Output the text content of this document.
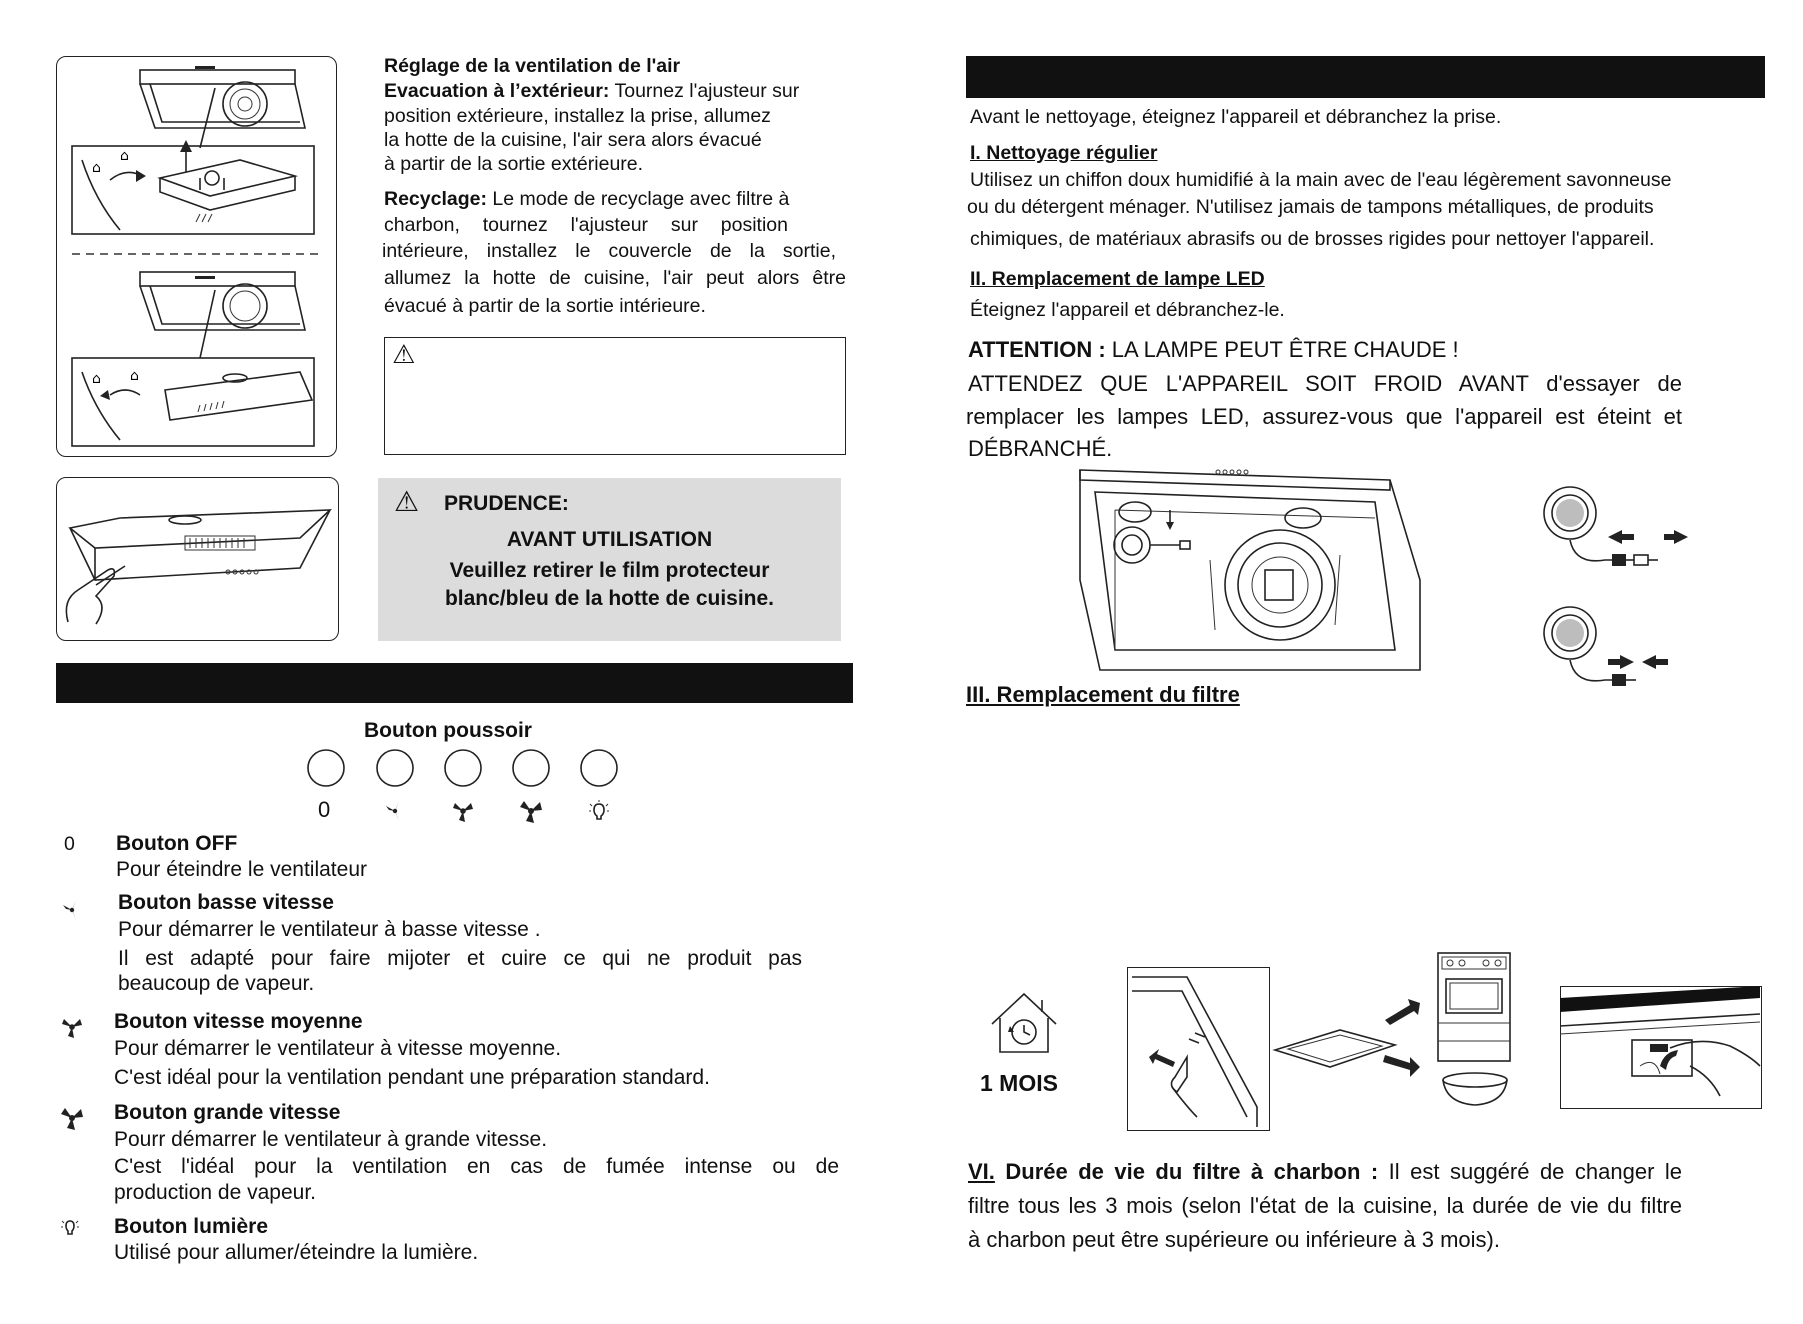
⌂
⌂
⌂ ⌂
Réglage de la ventilation de l'air
Evacuation à l’extérieur: Tournez l'ajusteur sur
position extérieure, installez la prise, allumez
la hotte de la cuisine, l'air sera alors évacué
à partir de la sortie extérieure.
Recyclage: Le mode de recyclage avec filtre à
charbon, tournez l'ajusteur sur position
intérieure, installez le couvercle de la sortie,
allumez la hotte de cuisine, l'air peut alors être
évacué à partir de la sortie intérieure.
⚠
⚠ PRUDENCE:
AVANT UTILISATION
Veuillez retirer le film protecteur
blanc/bleu de la hotte de cuisine.
Bouton poussoir
0
0 Bouton OFF
Pour éteindre le ventilateur
Bouton basse vitesse
Pour démarrer le ventilateur à basse vitesse .
Il est adapté pour faire mijoter et cuire ce qui ne produit pas
beaucoup de vapeur.
Bouton vitesse moyenne
Pour démarrer le ventilateur à vitesse moyenne.
C'est idéal pour la ventilation pendant une préparation standard.
Bouton grande vitesse
Pourr démarrer le ventilateur à grande vitesse.
C'est l'idéal pour la ventilation en cas de fumée intense ou de
production de vapeur.
Bouton lumière
Utilisé pour allumer/éteindre la lumière.
Avant le nettoyage, éteignez l'appareil et débranchez la prise.
I. Nettoyage régulier
Utilisez un chiffon doux humidifié à la main avec de l'eau légèrement savonneuse
ou du détergent ménager. N'utilisez jamais de tampons métalliques, de produits
chimiques, de matériaux abrasifs ou de brosses rigides pour nettoyer l'appareil.
II. Remplacement de lampe LED
Éteignez l'appareil et débranchez-le.
ATTENTION : LA LAMPE PEUT ÊTRE CHAUDE !
ATTENDEZ QUE L'APPAREIL SOIT FROID AVANT d'essayer de
remplacer les lampes LED, assurez-vous que l'appareil est éteint et
DÉBRANCHÉ.
III. Remplacement du filtre
1 MOIS
VI. Durée de vie du filtre à charbon : Il est suggéré de changer le
filtre tous les 3 mois (selon l'état de la cuisine, la durée de vie du filtre
à charbon peut être supérieure ou inférieure à 3 mois).
